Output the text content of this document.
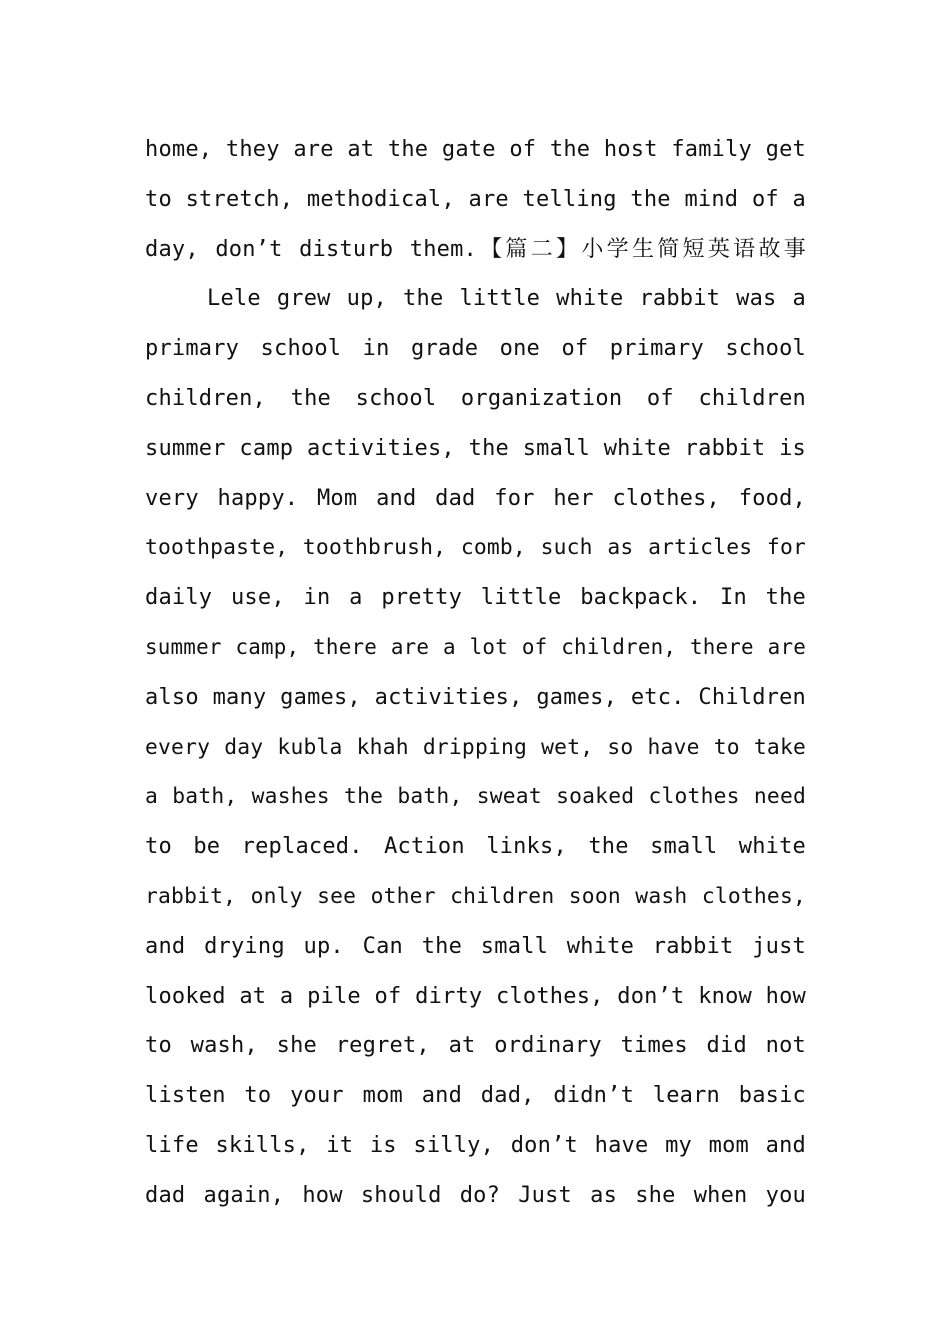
home, they are at the gate of the host family get
to stretch, methodical, are telling the mind of a
day, don’t disturb them.【篇二】小学生简短英语故事
Lele grew up, the little white rabbit was a
primary school in grade one of primary school
children, the school organization of children
summer camp activities, the small white rabbit is
very happy. Mom and dad for her clothes, food,
toothpaste, toothbrush, comb, such as articles for
daily use, in a pretty little backpack. In the
summer camp, there are a lot of children, there are
also many games, activities, games, etc. Children
every day kubla khah dripping wet, so have to take
a bath, washes the bath, sweat soaked clothes need
to be replaced. Action links, the small white
rabbit, only see other children soon wash clothes,
and drying up. Can the small white rabbit just
looked at a pile of dirty clothes, don’t know how
to wash, she regret, at ordinary times did not
listen to your mom and dad, didn’t learn basic
life skills, it is silly, don’t have my mom and
dad again, how should do? Just as she when you
